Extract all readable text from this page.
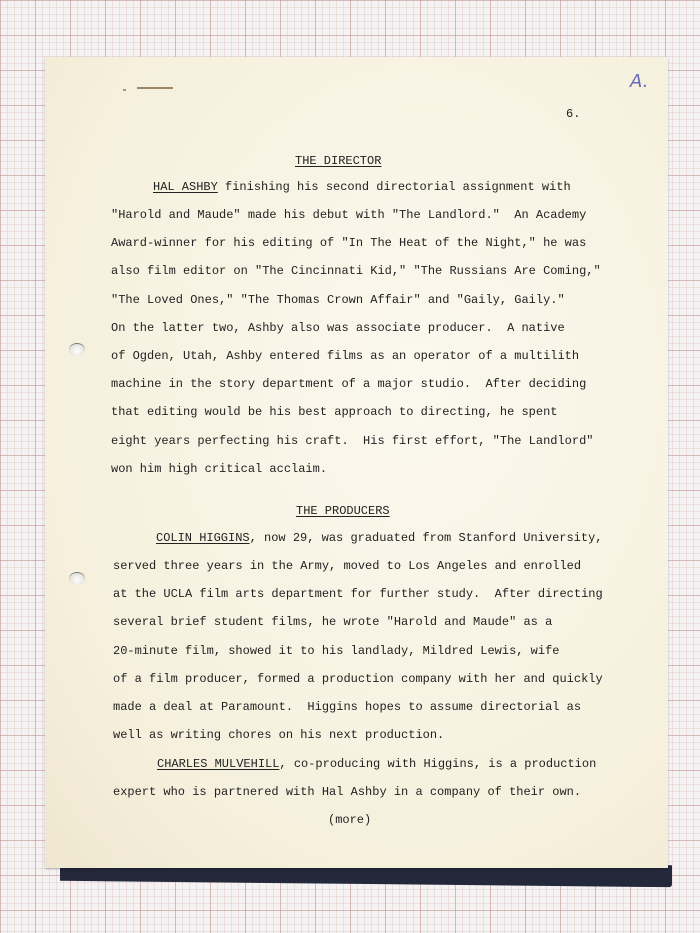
A.
6.
THE DIRECTOR
HAL ASHBY finishing his second directorial assignment with
"Harold and Maude" made his debut with "The Landlord."  An Academy
Award-winner for his editing of "In The Heat of the Night," he was
also film editor on "The Cincinnati Kid," "The Russians Are Coming,"
"The Loved Ones," "The Thomas Crown Affair" and "Gaily, Gaily."
On the latter two, Ashby also was associate producer.  A native
of Ogden, Utah, Ashby entered films as an operator of a multilith
machine in the story department of a major studio.  After deciding
that editing would be his best approach to directing, he spent
eight years perfecting his craft.  His first effort, "The Landlord"
won him high critical acclaim.
THE PRODUCERS
COLIN HIGGINS, now 29, was graduated from Stanford University,
served three years in the Army, moved to Los Angeles and enrolled
at the UCLA film arts department for further study.  After directing
several brief student films, he wrote "Harold and Maude" as a
20-minute film, showed it to his landlady, Mildred Lewis, wife
of a film producer, formed a production company with her and quickly
made a deal at Paramount.  Higgins hopes to assume directorial as
well as writing chores on his next production.
CHARLES MULVEHILL, co-producing with Higgins, is a production
expert who is partnered with Hal Ashby in a company of their own.
(more)
